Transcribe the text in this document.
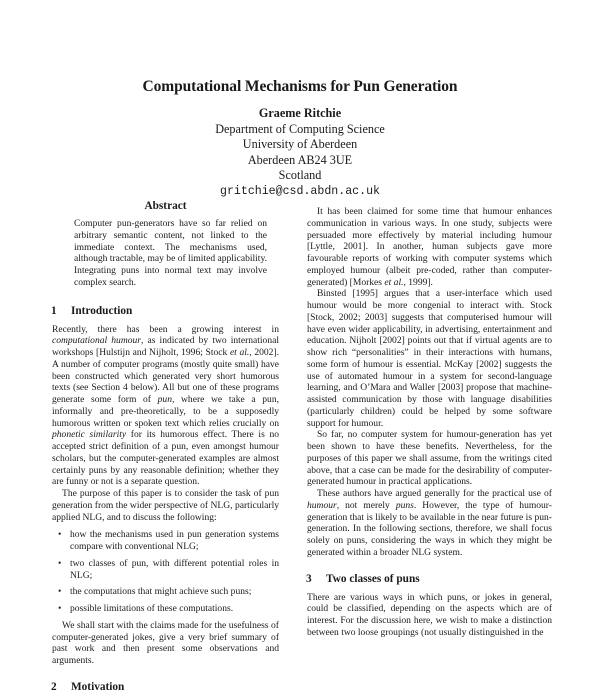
Computational Mechanisms for Pun Generation
Graeme Ritchie
Department of Computing Science
University of Aberdeen
Aberdeen AB24 3UE
Scotland
gritchie@csd.abdn.ac.uk
Abstract

Computer pun-generators have so far relied on arbitrary semantic content, not linked to the immediate context. The mechanisms used, although tractable, may be of limited applicability. Integrating puns into normal text may involve complex search.

1 Introduction

Recently, there has been a growing interest in computational humour, as indicated by two international workshops [Hulstijn and Nijholt, 1996; Stock et al., 2002]. A number of computer programs (mostly quite small) have been constructed which generated very short humorous texts (see Section 4 below). All but one of these programs generate some form of pun, where we take a pun, informally and pre-theoretically, to be a supposedly humorous written or spoken text which relies crucially on phonetic similarity for its humorous effect. There is no accepted strict definition of a pun, even amongst humour scholars, but the computer-generated examples are almost certainly puns by any reasonable definition; whether they are funny or not is a separate question.

The purpose of this paper is to consider the task of pun generation from the wider perspective of NLG, particularly applied NLG, and to discuss the following:

• how the mechanisms used in pun generation systems compare with conventional NLG;
• two classes of pun, with different potential roles in NLG;
• the computations that might achieve such puns;
• possible limitations of these computations.

We shall start with the claims made for the usefulness of computer-generated jokes, give a very brief summary of past work and then present some observations and arguments.

2 Motivation

It has been claimed for some time that humour enhances communication in various ways. In one study, subjects were persuaded more effectively by material including humour [Lyttle, 2001]. In another, human subjects gave more favourable reports of working with computer systems which employed humour (albeit pre-coded, rather than computer-generated) [Morkes et al., 1999].

Binsted [1995] argues that a user-interface which used humour would be more congenial to interact with. Stock [Stock, 2002; 2003] suggests that computerised humour will have even wider applicability, in advertising, entertainment and education. Nijholt [2002] points out that if virtual agents are to show rich “personalities” in their interactions with humans, some form of humour is essential. McKay [2002] suggests the use of automated humour in a system for second-language learning, and O’Mara and Waller [2003] propose that machine-assisted communication by those with language disabilities (particularly children) could be helped by some software support for humour.

So far, no computer system for humour-generation has yet been shown to have these benefits. Nevertheless, for the purposes of this paper we shall assume, from the writings cited above, that a case can be made for the desirability of computer-generated humour in practical applications.

These authors have argued generally for the practical use of humour, not merely puns. However, the type of humour-generation that is likely to be available in the near future is pun-generation. In the following sections, therefore, we shall focus solely on puns, considering the ways in which they might be generated within a broader NLG system.

3 Two classes of puns

There are various ways in which puns, or jokes in general, could be classified, depending on the aspects which are of interest. For the discussion here, we wish to make a distinction between two loose groupings (not usually distinguished in the
